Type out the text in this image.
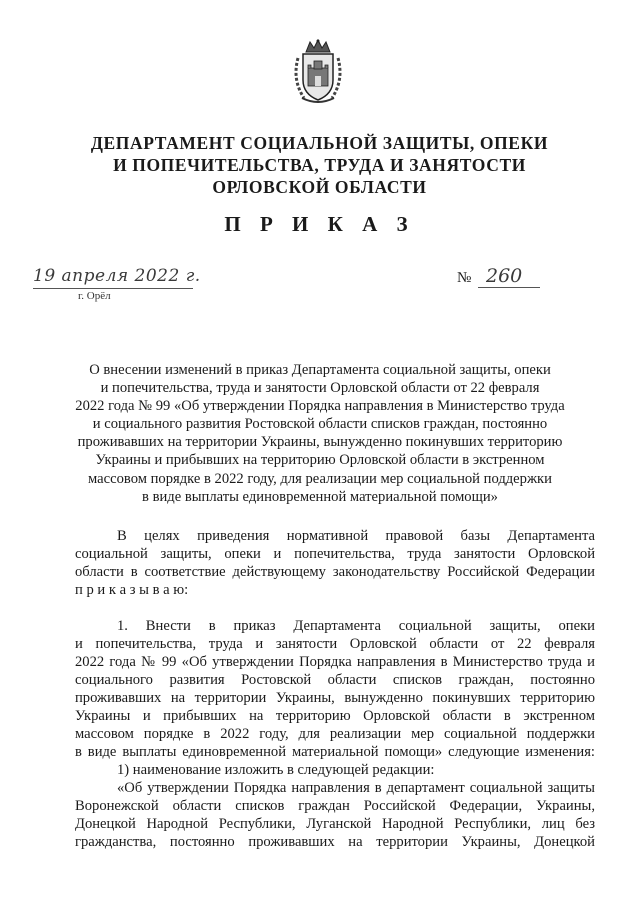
ДЕПАРТАМЕНТ СОЦИАЛЬНОЙ ЗАЩИТЫ, ОПЕКИ
И ПОПЕЧИТЕЛЬСТВА, ТРУДА И ЗАНЯТОСТИ
ОРЛОВСКОЙ ОБЛАСТИ
П Р И К А З
19 апреля 2022 г.
г. Орёл
№ 260
О внесении изменений в приказ Департамента социальной защиты, опеки
и попечительства, труда и занятости Орловской области от 22 февраля
2022 года № 99 «Об утверждении Порядка направления в Министерство труда
и социального развития Ростовской области списков граждан, постоянно
проживавших на территории Украины, вынужденно покинувших территорию
Украины и прибывших на территорию Орловской области в экстренном
массовом порядке в 2022 году, для реализации мер социальной поддержки
в виде выплаты единовременной материальной помощи»
В целях приведения нормативной правовой базы Департамента
социальной защиты, опеки и попечительства, труда занятости Орловской
области в соответствие действующему законодательству Российской Федерации
п р и к а з ы в а ю:
1. Внести в приказ Департамента социальной защиты, опеки
и попечительства, труда и занятости Орловской области от 22 февраля
2022 года № 99 «Об утверждении Порядка направления в Министерство труда и
социального развития Ростовской области списков граждан, постоянно
проживавших на территории Украины, вынужденно покинувших территорию
Украины и прибывших на территорию Орловской области в экстренном
массовом порядке в 2022 году, для реализации мер социальной поддержки
в виде выплаты единовременной материальной помощи» следующие изменения:
1) наименование изложить в следующей редакции:
«Об утверждении Порядка направления в департамент социальной защиты
Воронежской области списков граждан Российской Федерации, Украины,
Донецкой Народной Республики, Луганской Народной Республики, лиц без
гражданства, постоянно проживавших на территории Украины, Донецкой
